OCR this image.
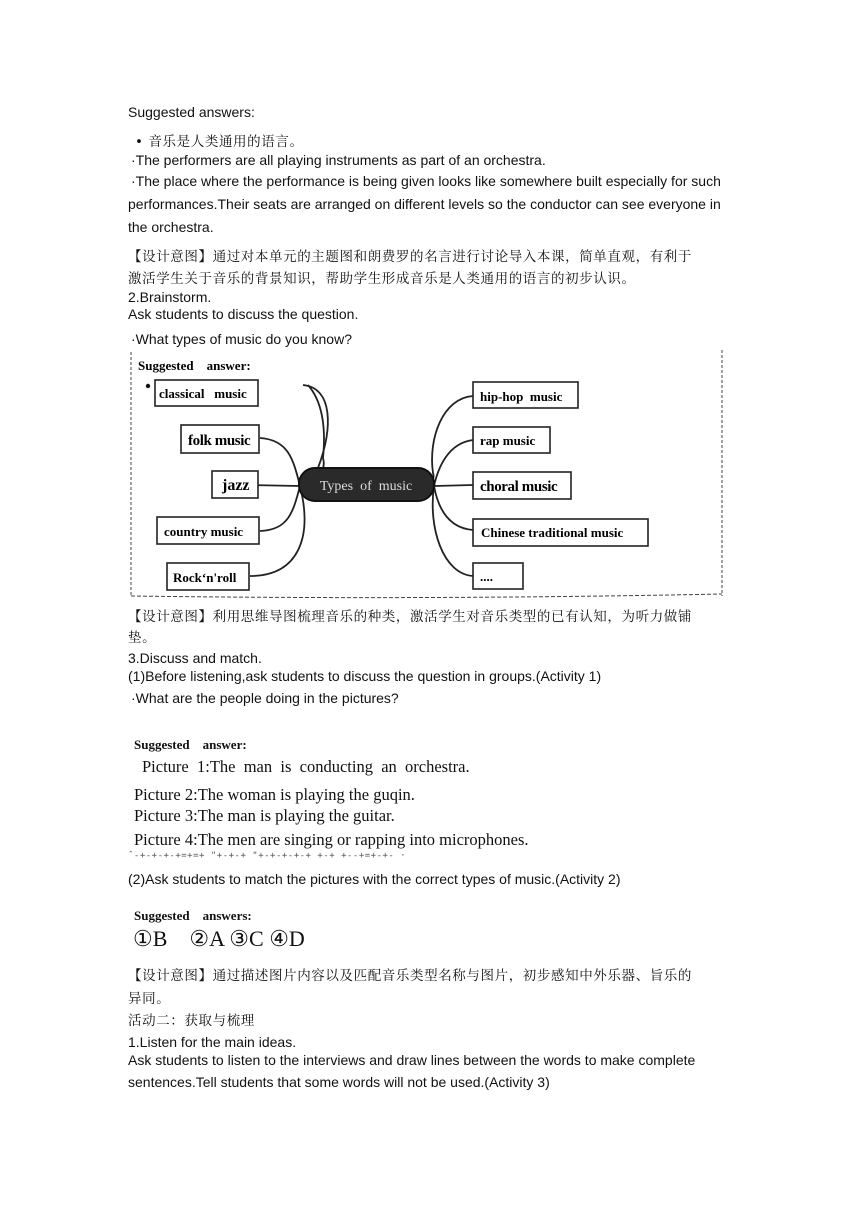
Suggested answers:
• 音乐是人类通用的语言。
·The performers are all playing instruments as part of an orchestra.
·The place where the performance is being given looks like somewhere built especially for such
performances.Their seats are arranged on different levels so the conductor can see everyone in
the orchestra.
【设计意图】通过对本单元的主题图和朗费罗的名言进行讨论导入本课，简单直观，有利于
激活学生关于音乐的背景知识，帮助学生形成音乐是人类通用的语言的初步认识。
2.Brainstorm.
Ask students to discuss the question.
·What types of music do you know?
Suggested    answer:
Types  of  music
classical   music
folk music
jazz
country music
Rock‘n'roll
hip-hop  music
rap music
choral music
Chinese traditional music
....
【设计意图】利用思维导图梳理音乐的种类，激活学生对音乐类型的已有认知，为听力做铺
垫。
3.Discuss and match.
(1)Before listening,ask students to discuss the question in groups.(Activity 1)
·What are the people doing in the pictures?
Suggested    answer:
Picture  1:The  man  is  conducting  an  orchestra.
Picture 2:The woman is playing the guqin.
Picture 3:The man is playing the guitar.
Picture 4:The men are singing or rapping into microphones.
ˆ-+-+-+-+=+=+ "+-+-+ "+-+-+-+-+ +-+ +--+=+-+- ·
(2)Ask students to match the pictures with the correct types of music.(Activity 2)
Suggested    answers:
①B    ②A ③C ④D
【设计意图】通过描述图片内容以及匹配音乐类型名称与图片，初步感知中外乐器、旨乐的
异同。
活动二：获取与梳理
1.Listen for the main ideas.
Ask students to listen to the interviews and draw lines between the words to make complete
sentences.Tell students that some words will not be used.(Activity 3)
